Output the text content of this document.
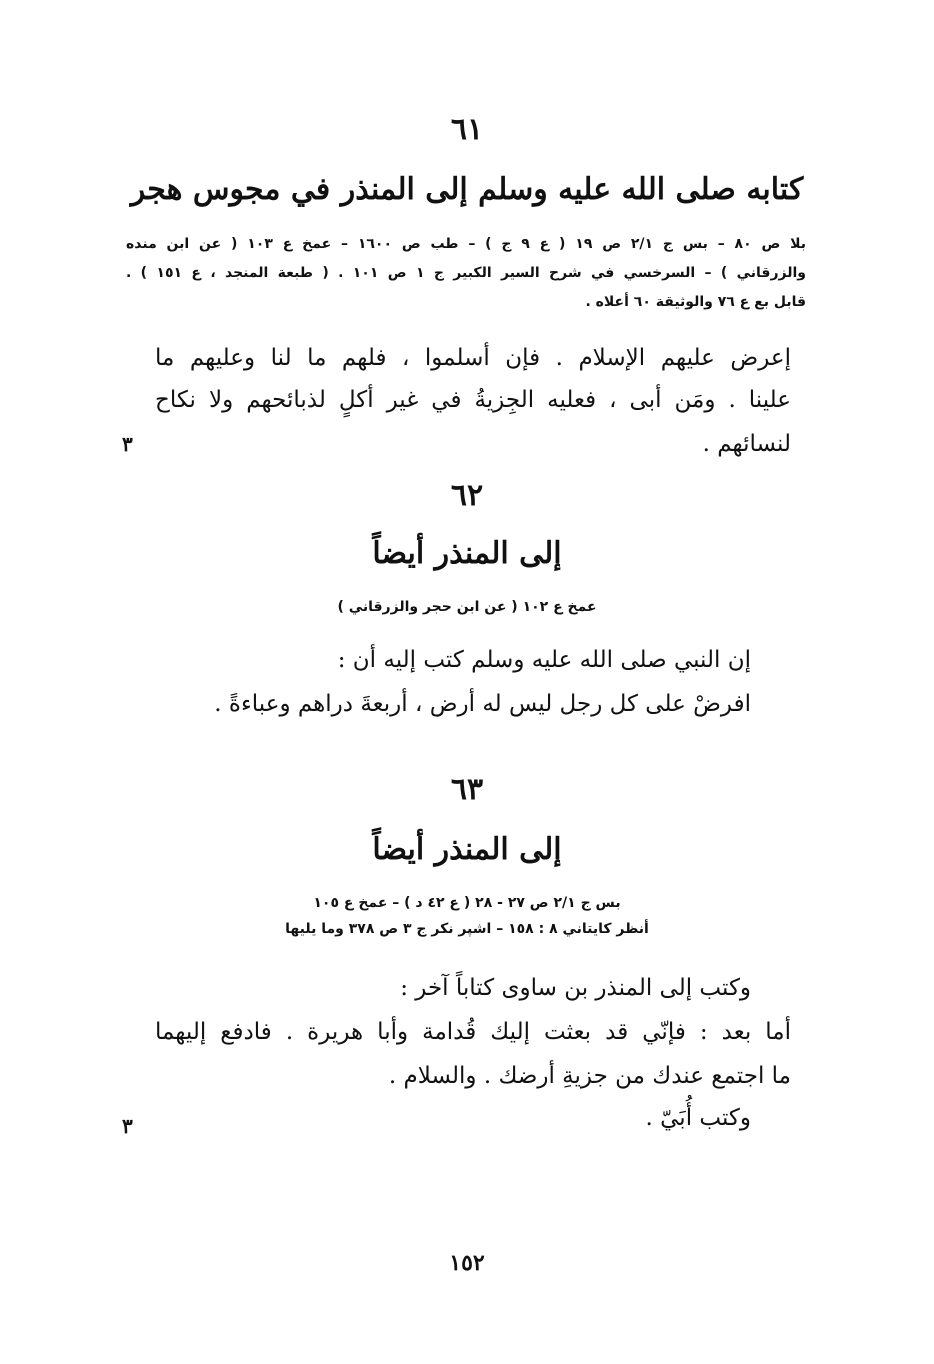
٦١
كتابه صلى الله عليه وسلم إلى المنذر في مجوس هجر
بلا ص ٨٠ – بس ج ٢/١ ص ١٩ ( ع ٩ ج ) – طب ص ١٦٠٠ – عمخ ع ١٠٣ ( عن ابن منده
والزرقاني ) – السرخسي في شرح السير الكبير ج ١ ص ١٠١ . ( طبعة المنجد ، ع ١٥١ ) .
قابل بع ع ٧٦ والوثيقة ٦٠ أعلاه .
إعرض عليهم الإسلام . فإن أسلموا ، فلهم ما لنا وعليهم ما
علينا . ومَن أبى ، فعليه الجِزيةُ في غير أكلٍ لذبائحهم ولا نكاح
لنسائهم .
٣
٦٢
إلى المنذر أيضاً
عمخ ع ١٠٢ ( عن ابن حجر والزرقاني )
إن النبي صلى الله عليه وسلم كتب إليه أن :
افرضْ على كل رجل ليس له أرض ، أربعةَ دراهم وعباءةً .
٦٣
إلى المنذر أيضاً
بس ج ٢/١ ص ٢٧ - ٢٨ ( ع ٤٢ د ) – عمخ ع ١٠٥
أنظر كايتاني ٨ : ١٥٨ – اشپر نكر ج ٣ ص ٣٧٨ وما يليها
وكتب إلى المنذر بن ساوى كتاباً آخر :
أما بعد : فإنّي قد بعثت إليك قُدامة وأبا هريرة . فادفع إليهما
ما اجتمع عندك من جزيةِ أرضك . والسلام .
وكتب أُبَيّ .
٣
١٥٢
